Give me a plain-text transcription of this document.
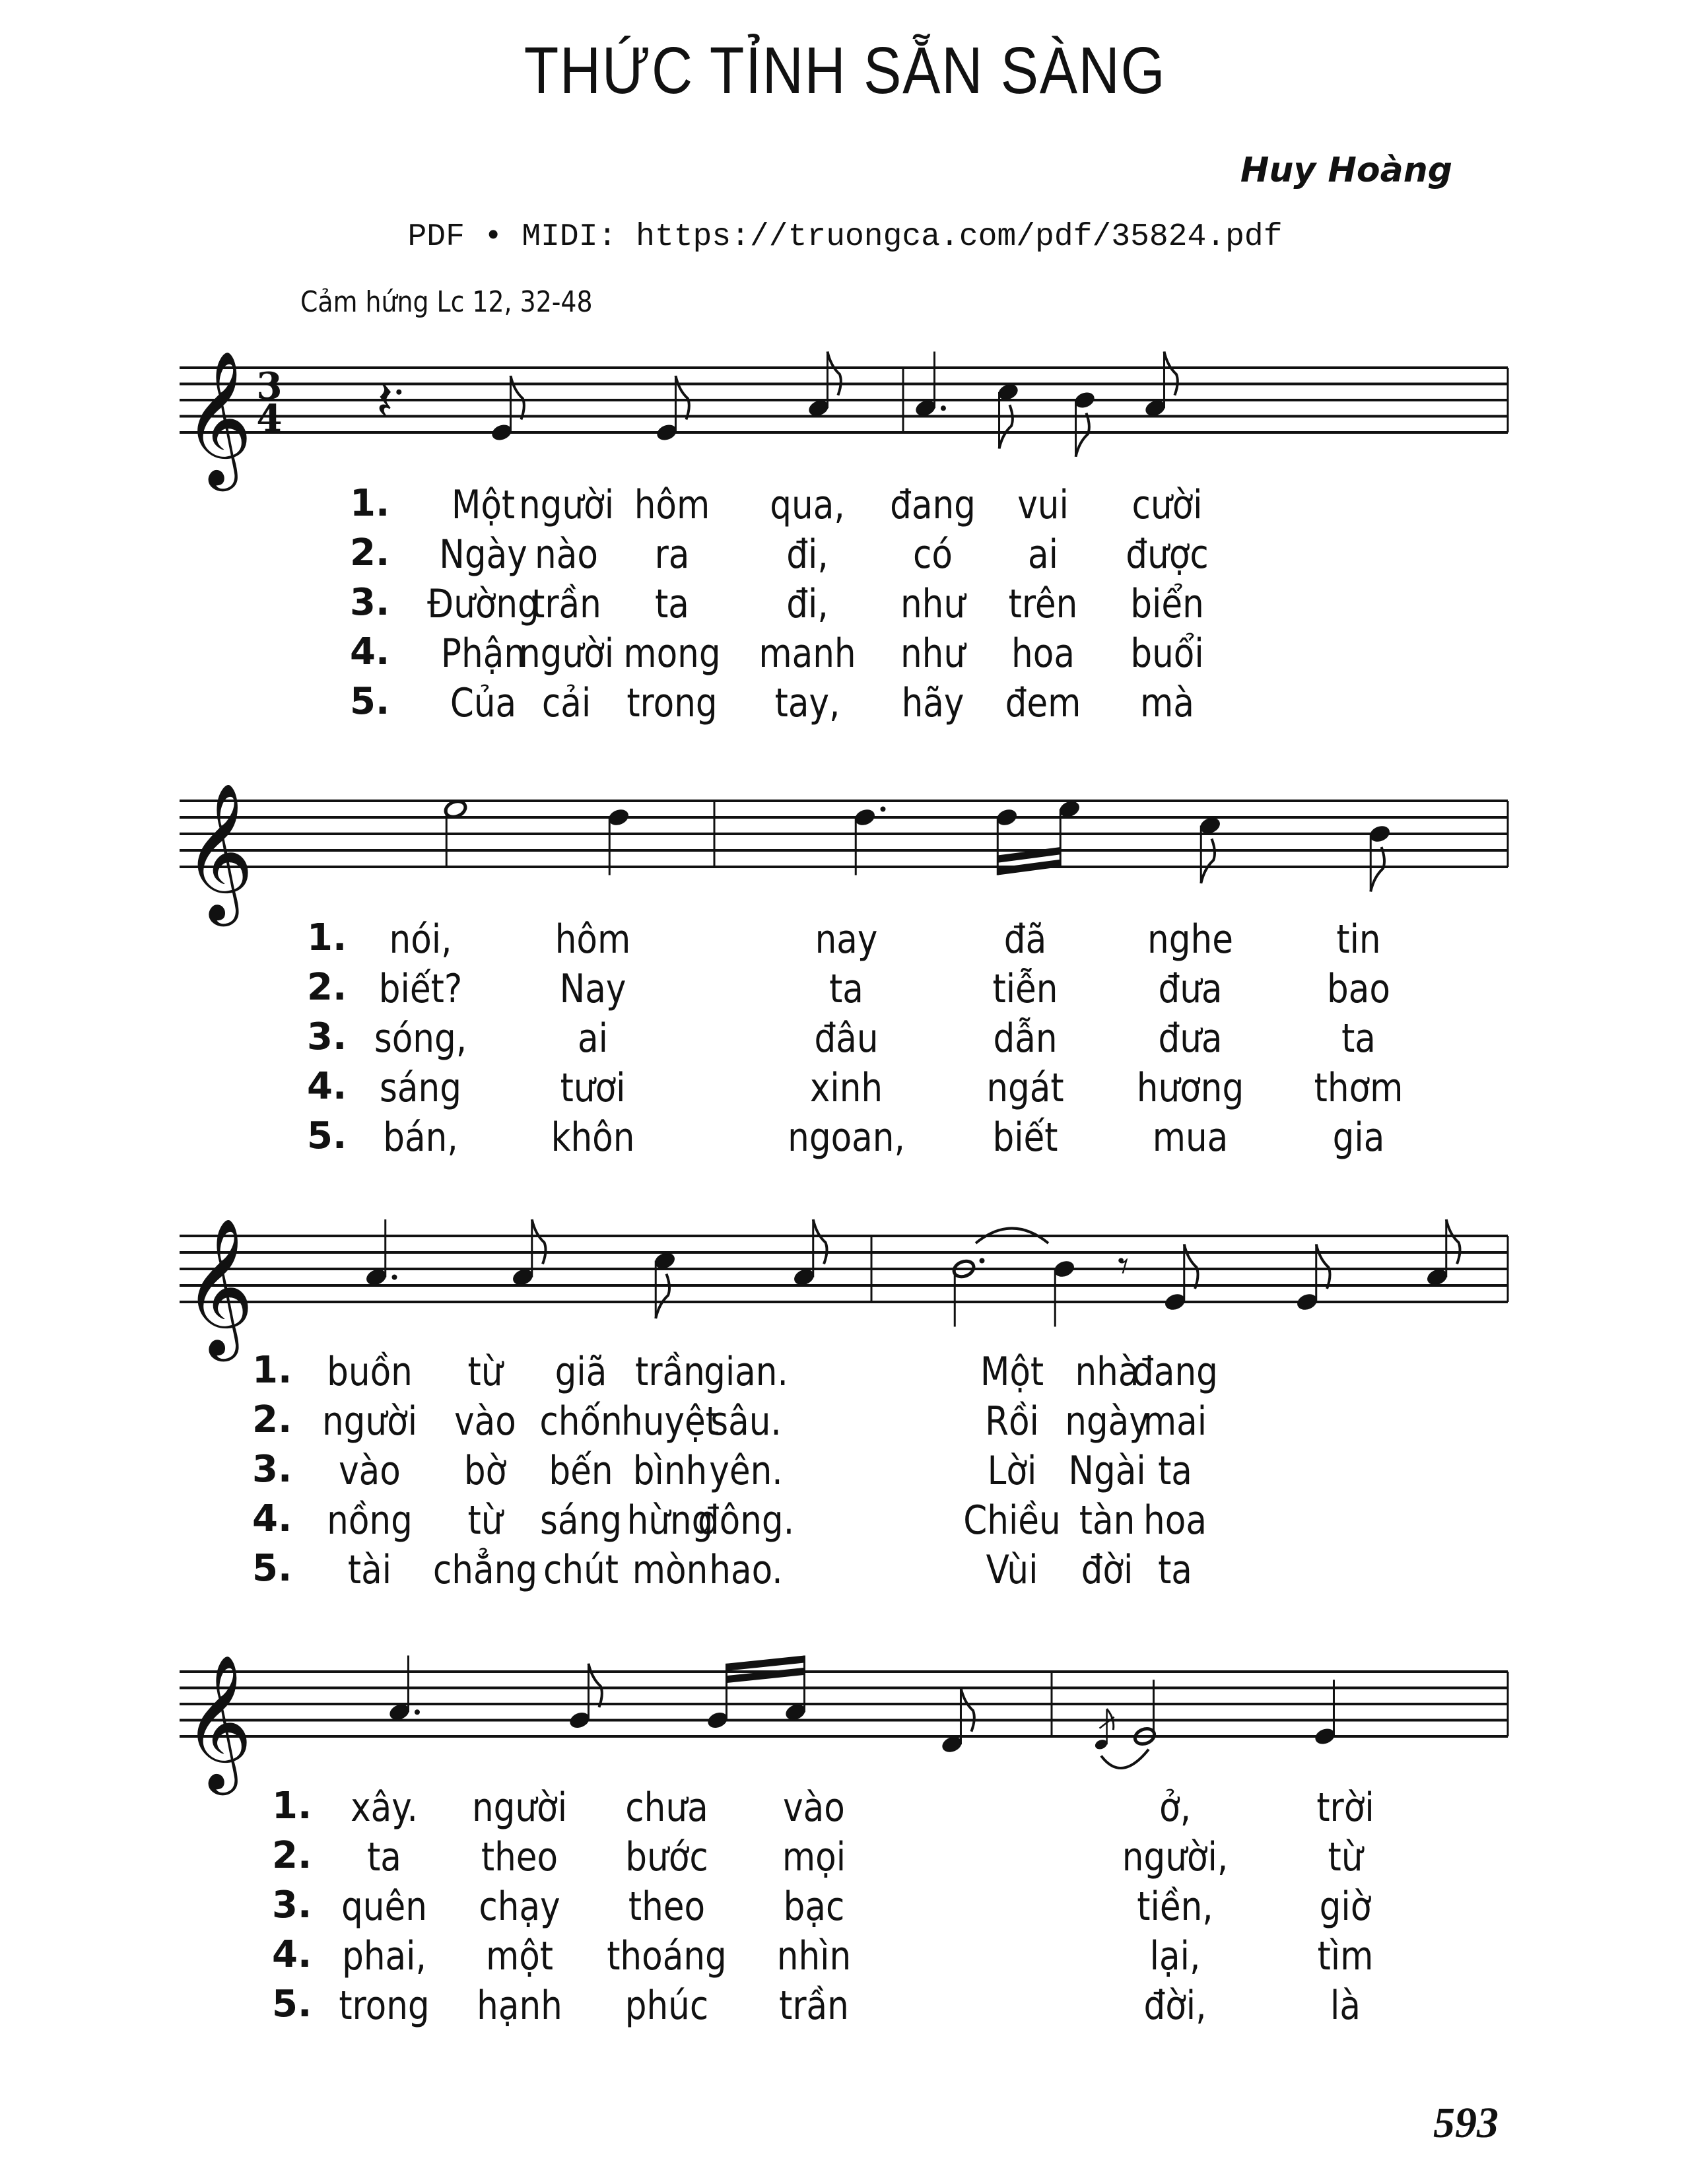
THỨC TỈNH SẴN SÀNG
Huy Hoàng
PDF • MIDI: https://truongca.com/pdf/35824.pdf
Cảm hứng Lc 12, 32-48
𝄞 3
4 𝄽
1. Một người hôm qua, đang vui cười
2. Ngày nào ra đi, có ai được
3. Đường
trần ta đi, như trên biển
4. Phận
người mong manh như hoa buổi
5. Của cải trong tay, hãy đem mà
𝄞
1. nói,	hôm	nay	đã	nghe	tin
2. biết? Nay	ta	tiễn	đưa	bao
3. sóng,	ai	đâu	dẫn	đưa	ta
4. sáng tươi	xinh	ngát hương thơm
5. bán, khôn	ngoan, biết mua	gia
𝄞	𝄾
1. buồn từ giã trần
gian.	Một nhà
đang
2. người vào chốn
huyệt
sâu.	Rồi ngày
mai
3. vào bờ bến bình yên.	Lời Ngài ta
4. nồng từ sáng hừng
đông.	Chiều tàn hoa
5. tài chẳng chút mòn hao.	Vùi đời ta
𝄞
1. xây. người chưa vào	ở,	trời
2. ta theo bước mọi	người,	từ
3. quên chạy theo bạc	tiền,	giờ
4. phai, một thoáng nhìn	lại,	tìm
5. trong hạnh phúc trần	đời,	là
593
